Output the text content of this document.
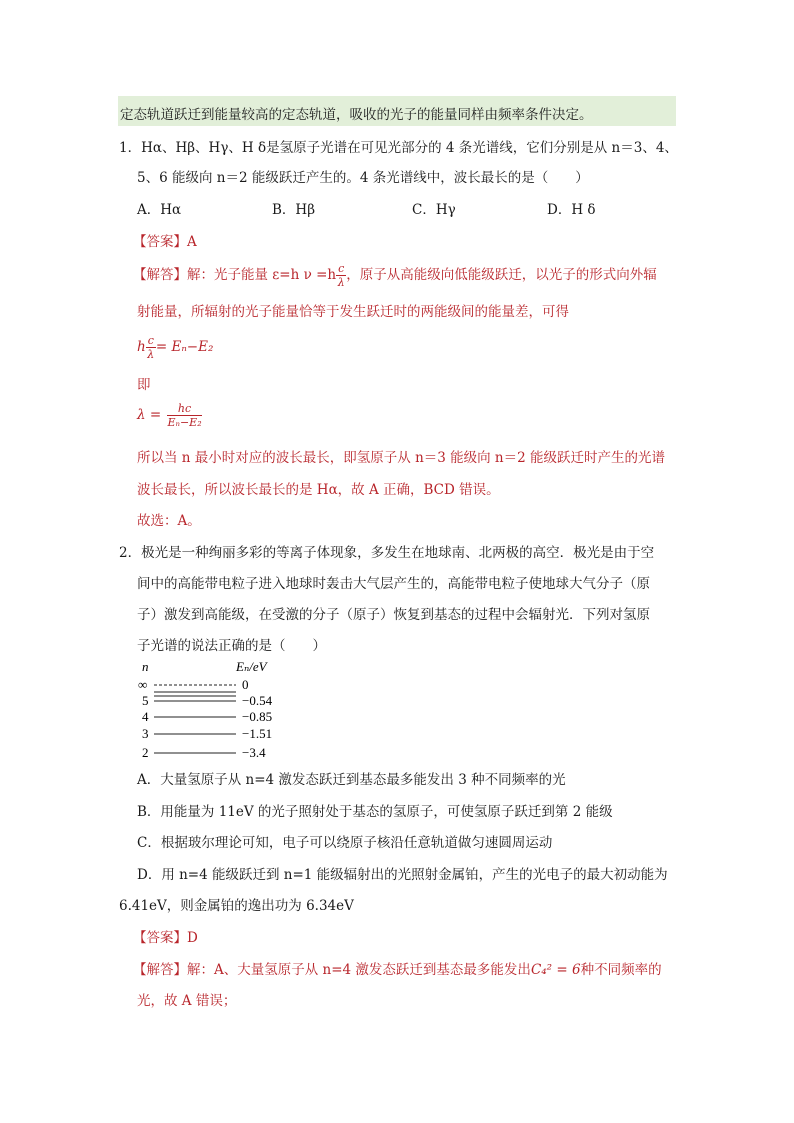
定态轨道跃迁到能量较高的定态轨道，吸收的光子的能量同样由频率条件决定。
1．Hα、Hβ、Hγ、H δ是氢原子光谱在可见光部分的 4 条光谱线，它们分别是从 n＝3、4、
5、6 能级向 n＝2 能级跃迁产生的。4 条光谱线中，波长最长的是（　　）
A．Hα	B．Hβ	C．Hγ	D．H δ
【答案】A
【解答】解：光子能量 ε=h $\nu =h \frac{c}{\lambda}$ ，原子从高能级向低能级跃迁，以光子的形式向外辐
射能量，所辐射的光子能量恰等于发生跃迁时的两能级间的能量差，可得
h $\frac{c}{\lambda} = E_n-E_2$
即
$\lambda = \frac{hc}{\text{Eₙ−E₂}}$
所以当 n 最小时对应的波长最长，即氢原子从 n＝3 能级向 n＝2 能级跃迁时产生的光谱
波长最长，所以波长最长的是 Hα，故 A 正确，BCD 错误。
故选：A。
2．极光是一种绚丽多彩的等离子体现象，多发生在地球南、北两极的高空．极光是由于空
间中的高能带电粒子进入地球时轰击大气层产生的，高能带电粒子使地球大气分子（原
子）激发到高能级，在受激的分子（原子）恢复到基态的过程中会辐射光．下列对氢原
子光谱的说法正确的是（　　）
n	Eₙ/eV
∞	0
5	−0.54
4	−0.85
3	−1.51
2	−3.4
A．大量氢原子从 n=4 激发态跃迁到基态最多能发出 3 种不同频率的光
B．用能量为 11eV 的光子照射处于基态的氢原子，可使氢原子跃迁到第 2 能级
C．根据玻尔理论可知，电子可以绕原子核沿任意轨道做匀速圆周运动
D．用 n=4 能级跃迁到 n=1 能级辐射出的光照射金属铂，产生的光电子的最大初动能为
6.41eV，则金属铂的逸出功为 6.34eV
【答案】D
【解答】解：A、大量氢原子从 n=4 激发态跃迁到基态最多能发出C₄² = 6种不同频率的
光，故 A 错误；
